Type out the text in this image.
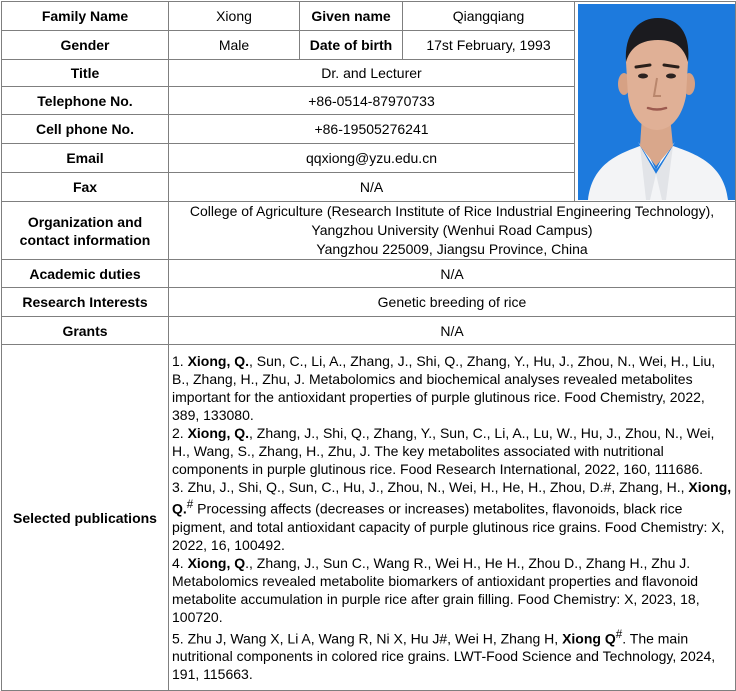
Family Name	Xiong	Given name	Qiangqiang	

Gender	Male	Date of birth	17st February, 1993	
Title	Dr. and Lecturer			
Telephone No.	+86-0514-87970733			
Cell phone No.	+86-19505276241			
Email	qqxiong@yzu.edu.cn			
Fax	N/A			
Organization and
contact information	College of Agriculture (Research Institute of Rice Industrial Engineering Technology),
Yangzhou University (Wenhui Road Campus)
Yangzhou 225009, Jiangsu Province, China			
Academic duties	N/A			
Research Interests	Genetic breeding of rice			
Grants	N/A			
Selected publications	1. Xiong, Q., Sun, C., Li, A., Zhang, J., Shi, Q., Zhang, Y., Hu, J., Zhou, N., Wei, H., Liu, B., Zhang, H., Zhu, J. Metabolomics and biochemical analyses revealed metabolites important for the antioxidant properties of purple glutinous rice. Food Chemistry, 2022, 389, 133080.
2. Xiong, Q., Zhang, J., Shi, Q., Zhang, Y., Sun, C., Li, A., Lu, W., Hu, J., Zhou, N., Wei, H., Wang, S., Zhang, H., Zhu, J. The key metabolites associated with nutritional components in purple glutinous rice. Food Research International, 2022, 160, 111686.
3. Zhu, J., Shi, Q., Sun, C., Hu, J., Zhou, N., Wei, H., He, H., Zhou, D.#, Zhang, H., Xiong, Q.# Processing affects (decreases or increases) metabolites, flavonoids, black rice pigment, and total antioxidant capacity of purple glutinous rice grains. Food Chemistry: X, 2022, 16, 100492.
4. Xiong, Q., Zhang, J., Sun C., Wang R., Wei H., He H., Zhou D., Zhang H., Zhu J. Metabolomics revealed metabolite biomarkers of antioxidant properties and flavonoid metabolite accumulation in purple rice after grain filling. Food Chemistry: X, 2023, 18, 100720.
5. Zhu J, Wang X, Li A, Wang R, Ni X, Hu J#, Wei H, Zhang H, Xiong Q#. The main nutritional components in colored rice grains. LWT-Food Science and Technology, 2024, 191, 115663.			
